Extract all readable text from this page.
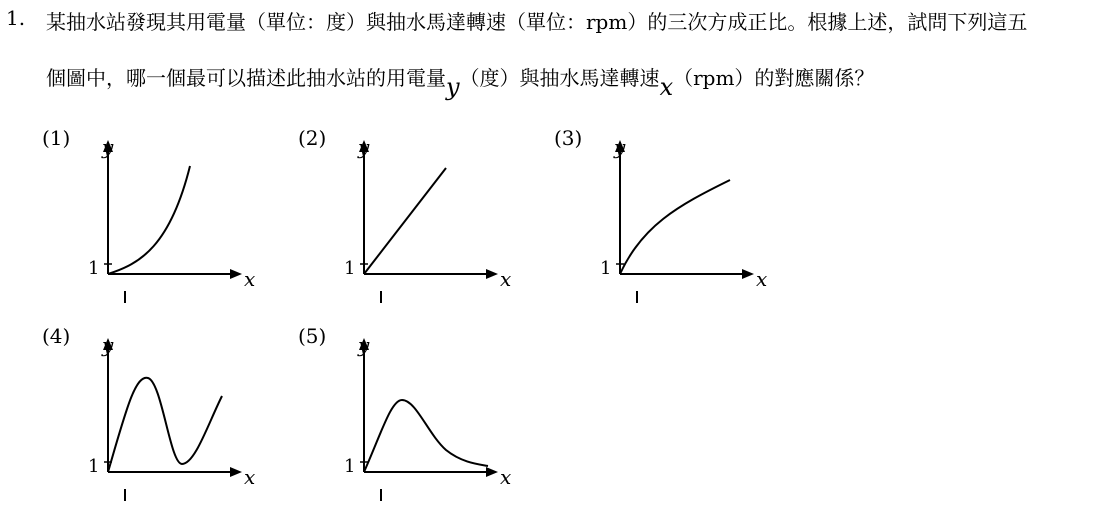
1. 某抽水站發現其用電量（單位：度）與抽水馬達轉速（單位：rpm）的三次方成正比。根據上述，試問下列這五
個圖中，哪一個最可以描述此抽水站的用電量y（度）與抽水馬達轉速x（rpm）的對應關係？
(1)	(2)	(3)
(4)	(5)
y
x
1
y
x
1
y
x
1
y
x
1
y
x
1
